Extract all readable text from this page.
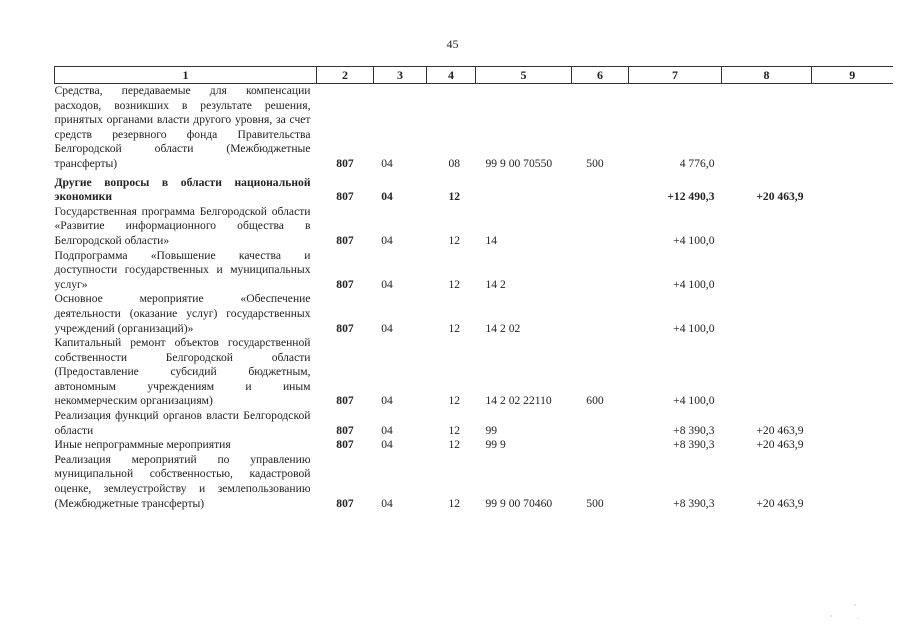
45
1	2	3	4	5	6	7	8	9
Средства, передаваемые для компенсации расходов, возникших в результате решения, принятых органами власти другого уровня, за счет средств резервного фонда Правительства Белгородской области (Межбюджетные трансферты)	807	04	08	99 9 00 70550	500	4 776,0		
Другие вопросы в области национальной экономики	807	04	12			+12 490,3	+20 463,9	
Государственная программа Белгородской области «Развитие информационного общества в Белгородской области»	807	04	12	14		+4 100,0		
Подпрограмма «Повышение качества и доступности государственных и муниципальных услуг»	807	04	12	14 2		+4 100,0		
Основное мероприятие «Обеспечение деятельности (оказание услуг) государственных учреждений (организаций)»	807	04	12	14 2 02		+4 100,0		
Капитальный ремонт объектов государственной собственности Белгородской области (Предоставление субсидий бюджетным, автономным учреждениям и иным некоммерческим организациям)	807	04	12	14 2 02 22110	600	+4 100,0		
Реализация функций органов власти Белгородской области	807	04	12	99		+8 390,3	+20 463,9	
Иные непрограммные мероприятия	807	04	12	99 9		+8 390,3	+20 463,9	
Реализация мероприятий по управлению муниципальной собственностью, кадастровой оценке, землеустройству и землепользованию (Межбюджетные трансферты)	807	04	12	99 9 00 70460	500	+8 390,3	+20 463,9	
